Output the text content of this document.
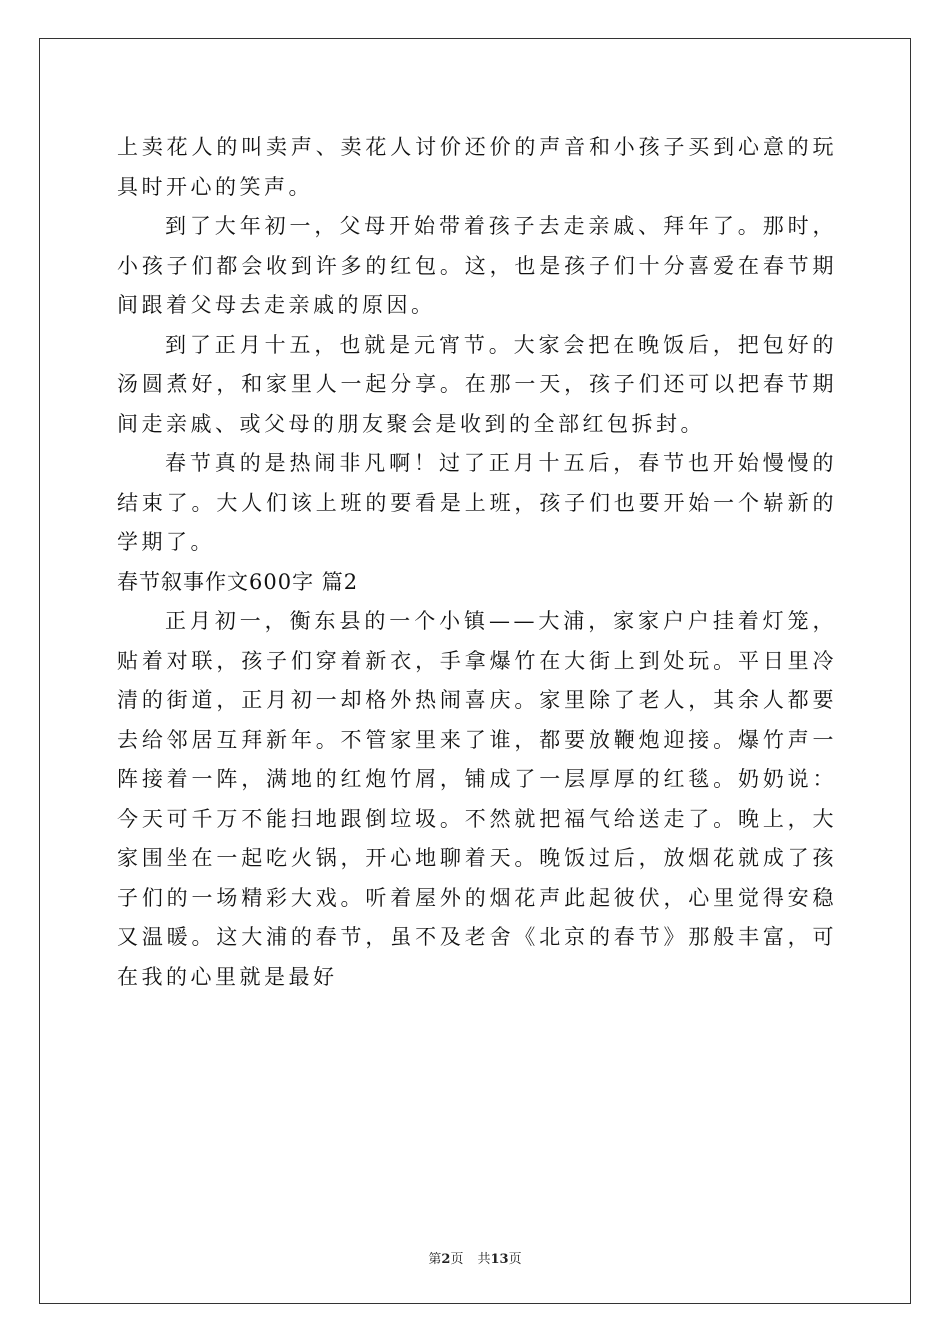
上卖花人的叫卖声、卖花人讨价还价的声音和小孩子买到心意的玩具时开心的笑声。

到了大年初一，父母开始带着孩子去走亲戚、拜年了。那时，小孩子们都会收到许多的红包。这，也是孩子们十分喜爱在春节期间跟着父母去走亲戚的原因。

到了正月十五，也就是元宵节。大家会把在晚饭后，把包好的汤圆煮好，和家里人一起分享。在那一天，孩子们还可以把春节期间走亲戚、或父母的朋友聚会是收到的全部红包拆封。

春节真的是热闹非凡啊！过了正月十五后，春节也开始慢慢的结束了。大人们该上班的要看是上班，孩子们也要开始一个崭新的学期了。

春节叙事作文600字 篇2

正月初一，衡东县的一个小镇——大浦，家家户户挂着灯笼，贴着对联，孩子们穿着新衣，手拿爆竹在大街上到处玩。平日里冷清的街道，正月初一却格外热闹喜庆。家里除了老人，其余人都要去给邻居互拜新年。不管家里来了谁，都要放鞭炮迎接。爆竹声一阵接着一阵，满地的红炮竹屑，铺成了一层厚厚的红毯。奶奶说：今天可千万不能扫地跟倒垃圾。不然就把福气给送走了。晚上，大家围坐在一起吃火锅，开心地聊着天。晚饭过后，放烟花就成了孩子们的一场精彩大戏。听着屋外的烟花声此起彼伏，心里觉得安稳又温暖。这大浦的春节，虽不及老舍《北京的春节》那般丰富，可在我的心里就是最好

第2页 共13页
